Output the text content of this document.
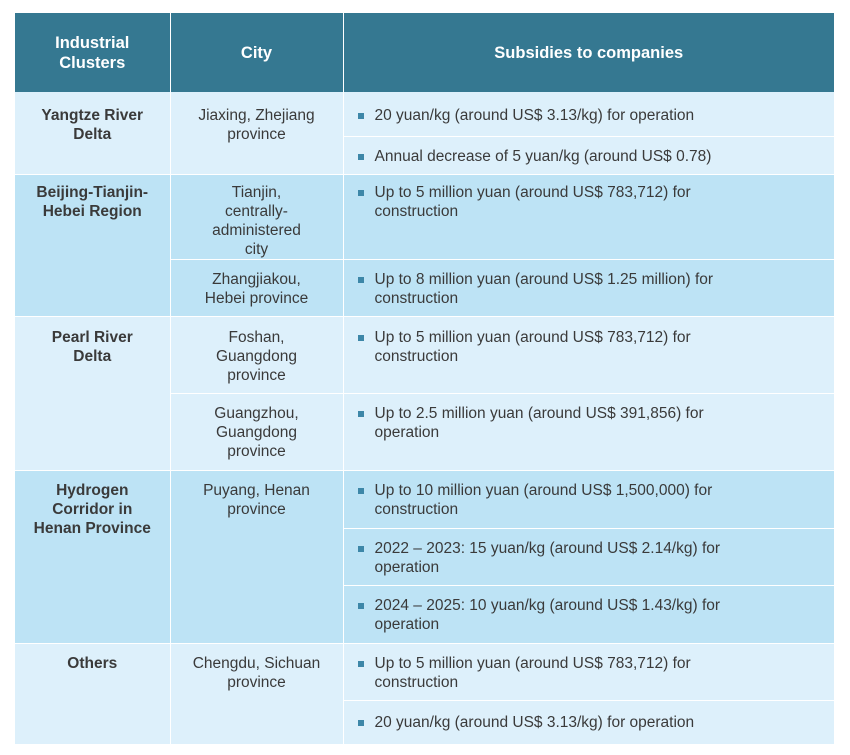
Industrial Clusters	City	Subsidies to companies
Yangtze River Delta	Jiaxing, Zhejiang province	20 yuan/kg (around US$ 3.13/kg) for operation

		Annual decrease of 5 yuan/kg (around US$ 0.78)

Beijing-Tianjin-Hebei Region	Tianjin, centrally-administered city	Up to 5 million yuan (around US$ 783,712) for construction

	Zhangjiakou, Hebei province	Up to 8 million yuan (around US$ 1.25 million) for construction

Pearl River Delta	Foshan, Guangdong province	Up to 5 million yuan (around US$ 783,712) for construction

	Guangzhou, Guangdong province	Up to 2.5 million yuan (around US$ 391,856) for operation

Hydrogen Corridor in Henan Province	Puyang, Henan province	Up to 10 million yuan (around US$ 1,500,000) for construction

		2022 – 2023: 15 yuan/kg (around US$ 2.14/kg) for operation

		2024 – 2025: 10 yuan/kg (around US$ 1.43/kg) for operation

Others	Chengdu, Sichuan province	Up to 5 million yuan (around US$ 783,712) for construction

		20 yuan/kg (around US$ 3.13/kg) for operation
